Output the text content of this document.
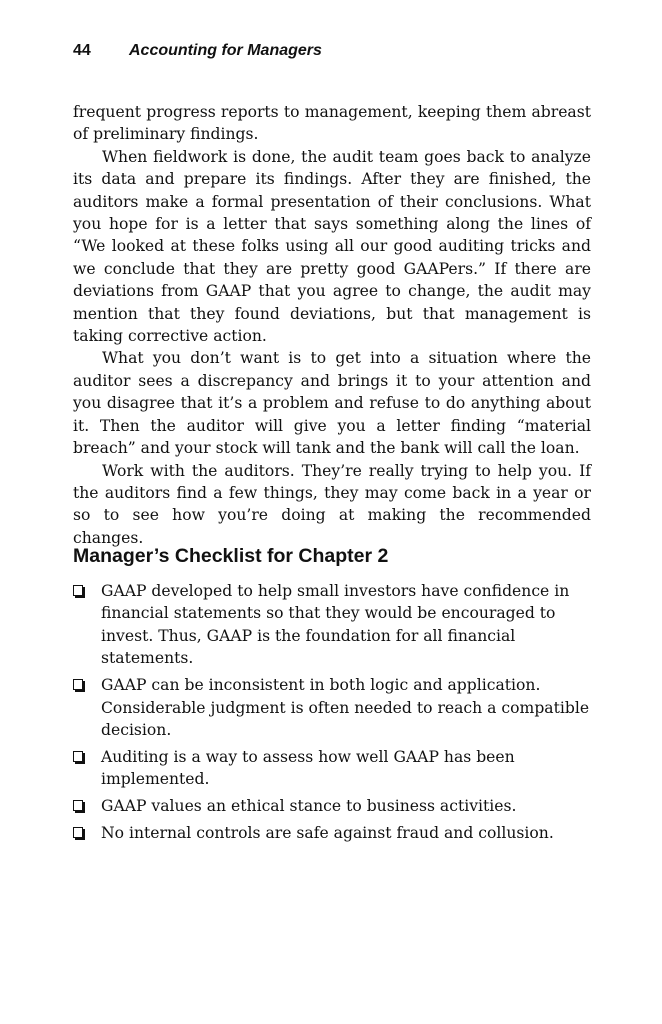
44 Accounting for Managers

frequent progress reports to management, keeping them abreast of preliminary findings.

When fieldwork is done, the audit team goes back to analyze its data and prepare its findings. After they are finished, the auditors make a formal presentation of their conclusions. What you hope for is a letter that says something along the lines of “We looked at these folks using all our good auditing tricks and we conclude that they are pretty good GAAPers.” If there are deviations from GAAP that you agree to change, the audit may mention that they found deviations, but that management is taking corrective action.

What you don’t want is to get into a situation where the auditor sees a discrepancy and brings it to your attention and you disagree that it’s a problem and refuse to do anything about it. Then the auditor will give you a letter finding “material breach” and your stock will tank and the bank will call the loan.

Work with the auditors. They’re really trying to help you. If the auditors find a few things, they may come back in a year or so to see how you’re doing at making the recommended changes.

Manager’s Checklist for Chapter 2
GAAP developed to help small investors have confidence in financial statements so that they would be encouraged to invest. Thus, GAAP is the foundation for all financial statements.
GAAP can be inconsistent in both logic and application. Considerable judgment is often needed to reach a compatible decision.
Auditing is a way to assess how well GAAP has been implemented.
GAAP values an ethical stance to business activities.
No internal controls are safe against fraud and collusion.
